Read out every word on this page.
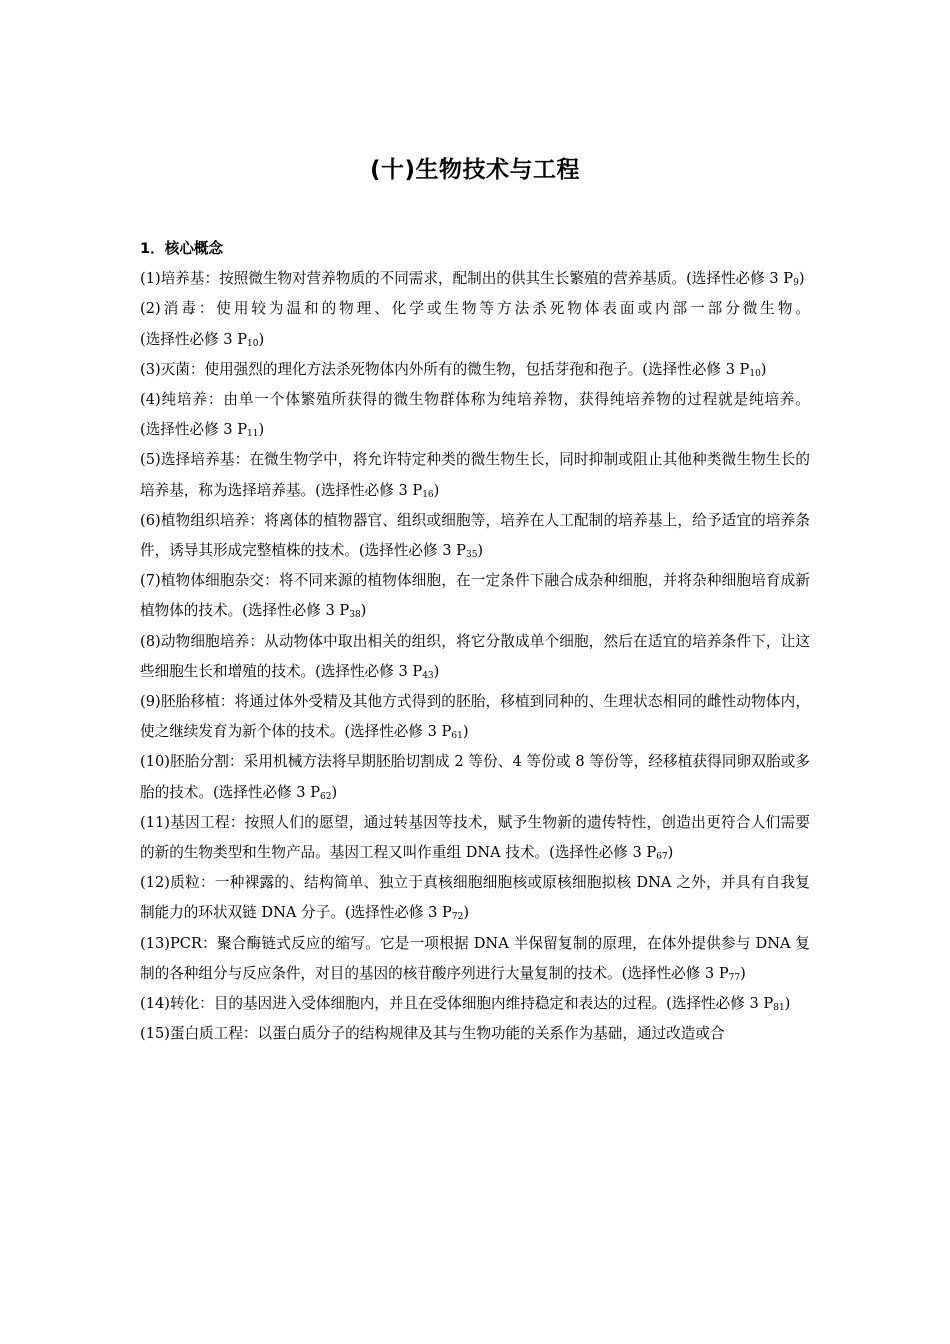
(十)生物技术与工程

1．核心概念

(1)培养基：按照微生物对营养物质的不同需求，配制出的供其生长繁殖的营养基质。(选择性必修 3 $P_9$)

(2)消毒：使用较为温和的物理、化学或生物等方法杀死物体表面或内部一部分微生物。(选择性必修 3 $P_{10}$)

(3)灭菌：使用强烈的理化方法杀死物体内外所有的微生物，包括芽孢和孢子。(选择性必修 3 $P_{10}$)

(4)纯培养：由单一个体繁殖所获得的微生物群体称为纯培养物，获得纯培养物的过程就是纯培养。(选择性必修 3 $P_{11}$)

(5)选择培养基：在微生物学中，将允许特定种类的微生物生长，同时抑制或阻止其他种类微生物生长的培养基，称为选择培养基。(选择性必修 3 $P_{16}$)

(6)植物组织培养：将离体的植物器官、组织或细胞等，培养在人工配制的培养基上，给予适宜的培养条件，诱导其形成完整植株的技术。(选择性必修 3 $P_{35}$)

(7)植物体细胞杂交：将不同来源的植物体细胞，在一定条件下融合成杂种细胞，并将杂种细胞培育成新植物体的技术。(选择性必修 3 $P_{38}$)

(8)动物细胞培养：从动物体中取出相关的组织，将它分散成单个细胞，然后在适宜的培养条件下，让这些细胞生长和增殖的技术。(选择性必修 3 $P_{43}$)

(9)胚胎移植：将通过体外受精及其他方式得到的胚胎，移植到同种的、生理状态相同的雌性动物体内，使之继续发育为新个体的技术。(选择性必修 3 $P_{61}$)

(10)胚胎分割：采用机械方法将早期胚胎切割成 2 等份、4 等份或 8 等份等，经移植获得同卵双胎或多胎的技术。(选择性必修 3 $P_{62}$)

(11)基因工程：按照人们的愿望，通过转基因等技术，赋予生物新的遗传特性，创造出更符合人们需要的新的生物类型和生物产品。基因工程又叫作重组 DNA 技术。(选择性必修 3 $P_{67}$)

(12)质粒：一种裸露的、结构简单、独立于真核细胞细胞核或原核细胞拟核 DNA 之外，并具有自我复制能力的环状双链 DNA 分子。(选择性必修 3 $P_{72}$)

(13)PCR：聚合酶链式反应的缩写。它是一项根据 DNA 半保留复制的原理，在体外提供参与 DNA 复制的各种组分与反应条件，对目的基因的核苷酸序列进行大量复制的技术。(选择性必修 3 $P_{77}$)

(14)转化：目的基因进入受体细胞内，并且在受体细胞内维持稳定和表达的过程。(选择性必修 3 $P_{81}$)

(15)蛋白质工程：以蛋白质分子的结构规律及其与生物功能的关系作为基础，通过改造或合
